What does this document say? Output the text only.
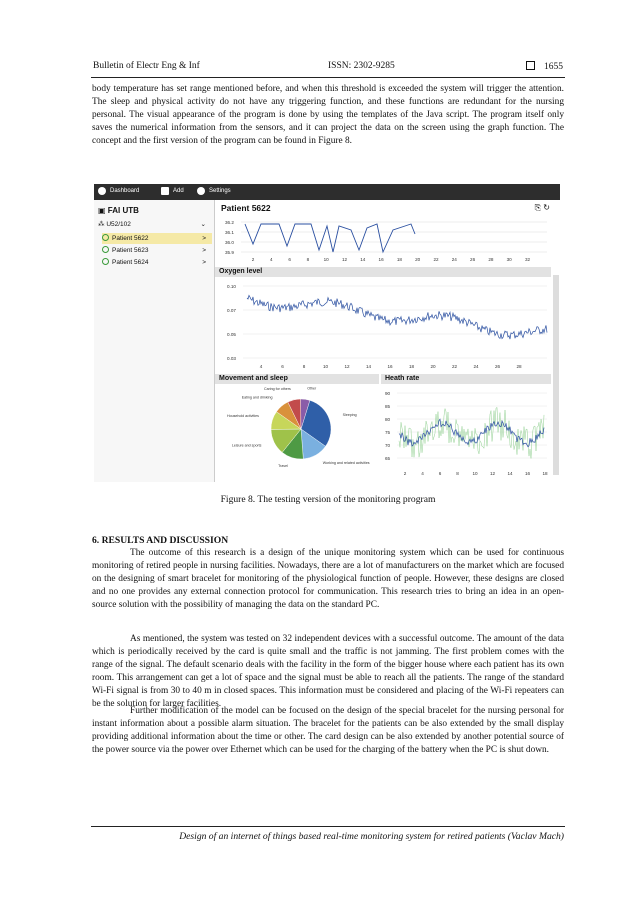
Bulletin of Electr Eng & Inf	ISSN: 2302-9285	1655
body temperature has set range mentioned before, and when this threshold is exceeded the system will trigger the attention. The sleep and physical activity do not have any triggering function, and these functions are redundant for the nursing personal. The visual appearance of the program is done by using the templates of the Java script. The program itself only saves the numerical information from the sensors, and it can project the data on the screen using the graph function. The concept and the first version of the program can be found in Figure 8.
Dashboard	Add	Settings
▣ FAI UTB
⁂ U52/102	⌄
Patient 5622	>
Patient 5623	>
Patient 5624	>
Patient 5622	⎘ ↻
36.2
36.1
36.0
35.9
2	4	6	8	10	12	14	16	18	20	22	24	26	28	30	32
Oxygen level
0.10
0.07
0.05
0.03
4	6	8	10	12	14	16	18	20	22	24	26	28
Movement and sleep	Heath rate
Sleeping
Working and related activities
Travel
Leisure and sports
Household activities
Eating and drinking
Caring for others	Other
90
85
80
75
70
65
2	4	6	8	10	12	14	16	18
Figure 8. The testing version of the monitoring program
6. RESULTS AND DISCUSSION
The outcome of this research is a design of the unique monitoring system which can be used for continuous monitoring of retired people in nursing facilities. Nowadays, there are a lot of manufacturers on the market which are focused on the designing of smart bracelet for monitoring of the physiological function of people. However, these designs are closed and no one provides any external connection protocol for communication. This research tries to bring an idea in an open-source solution with the possibility of managing the data on the standard PC.
As mentioned, the system was tested on 32 independent devices with a successful outcome. The amount of the data which is periodically received by the card is quite small and the traffic is not jamming. The first problem comes with the range of the signal. The default scenario deals with the facility in the form of the bigger house where each patient has its own room. This arrangement can get a lot of space and the signal must be able to reach all the patients. The range of the standard Wi-Fi signal is from 30 to 40 m in closed spaces. This information must be considered and placing of the Wi-Fi repeaters can be the solution for larger facilities.
Further modification of the model can be focused on the design of the special bracelet for the nursing personal for instant information about a possible alarm situation. The bracelet for the patients can be also extended by the small display providing additional information about the time or other. The card design can be also extended by another potential source of the power source via the power over Ethernet which can be used for the charging of the battery when the PC is shut down.
Design of an internet of things based real-time monitoring system for retired patients (Vaclav Mach)
